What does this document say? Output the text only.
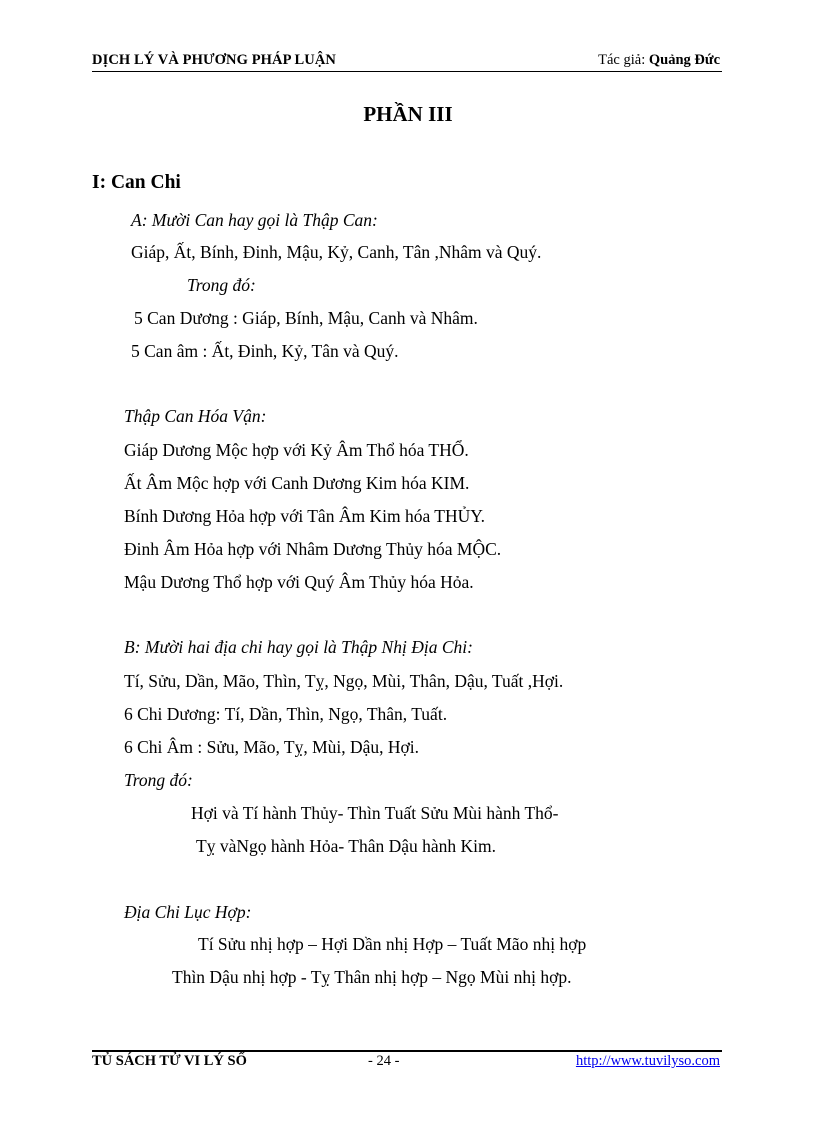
DỊCH LÝ VÀ PHƯƠNG PHÁP LUẬN	Tác giả: Quảng Đức
PHẦN III
I: Can Chi
A: Mười Can hay gọi là Thập Can:
Giáp, Ất, Bính, Đinh, Mậu, Kỷ, Canh, Tân ,Nhâm và Quý.
Trong đó:
5 Can Dương : Giáp, Bính, Mậu, Canh và Nhâm.
5 Can âm : Ất, Đinh, Kỷ, Tân và Quý.
Thập Can Hóa Vận:
Giáp Dương Mộc hợp với Kỷ Âm Thổ hóa THỔ.
Ất Âm Mộc hợp với Canh Dương Kim hóa KIM.
Bính Dương Hỏa hợp với Tân Âm Kim hóa THỦY.
Đinh Âm Hỏa hợp với Nhâm Dương Thủy hóa MỘC.
Mậu Dương Thổ hợp với Quý Âm Thủy hóa Hỏa.
B: Mười hai địa chi hay gọi là Thập Nhị Địa Chi:
Tí, Sửu, Dần, Mão, Thìn, Tỵ, Ngọ, Mùi, Thân, Dậu, Tuất ,Hợi.
6 Chi Dương: Tí, Dần, Thìn, Ngọ, Thân, Tuất.
6 Chi Âm : Sửu, Mão, Tỵ, Mùi, Dậu, Hợi.
Trong đó:
Hợi và Tí hành Thủy- Thìn Tuất Sửu Mùi hành Thổ-
Tỵ vàNgọ hành Hỏa- Thân Dậu hành Kim.
Địa Chi Lục Hợp:
Tí Sửu nhị hợp – Hợi Dần nhị Hợp – Tuất Mão nhị hợp
Thìn Dậu nhị hợp - Tỵ Thân nhị hợp – Ngọ Mùi nhị hợp.
TỦ SÁCH TỬ VI LÝ SỐ	- 24 -	http://www.tuvilyso.com
